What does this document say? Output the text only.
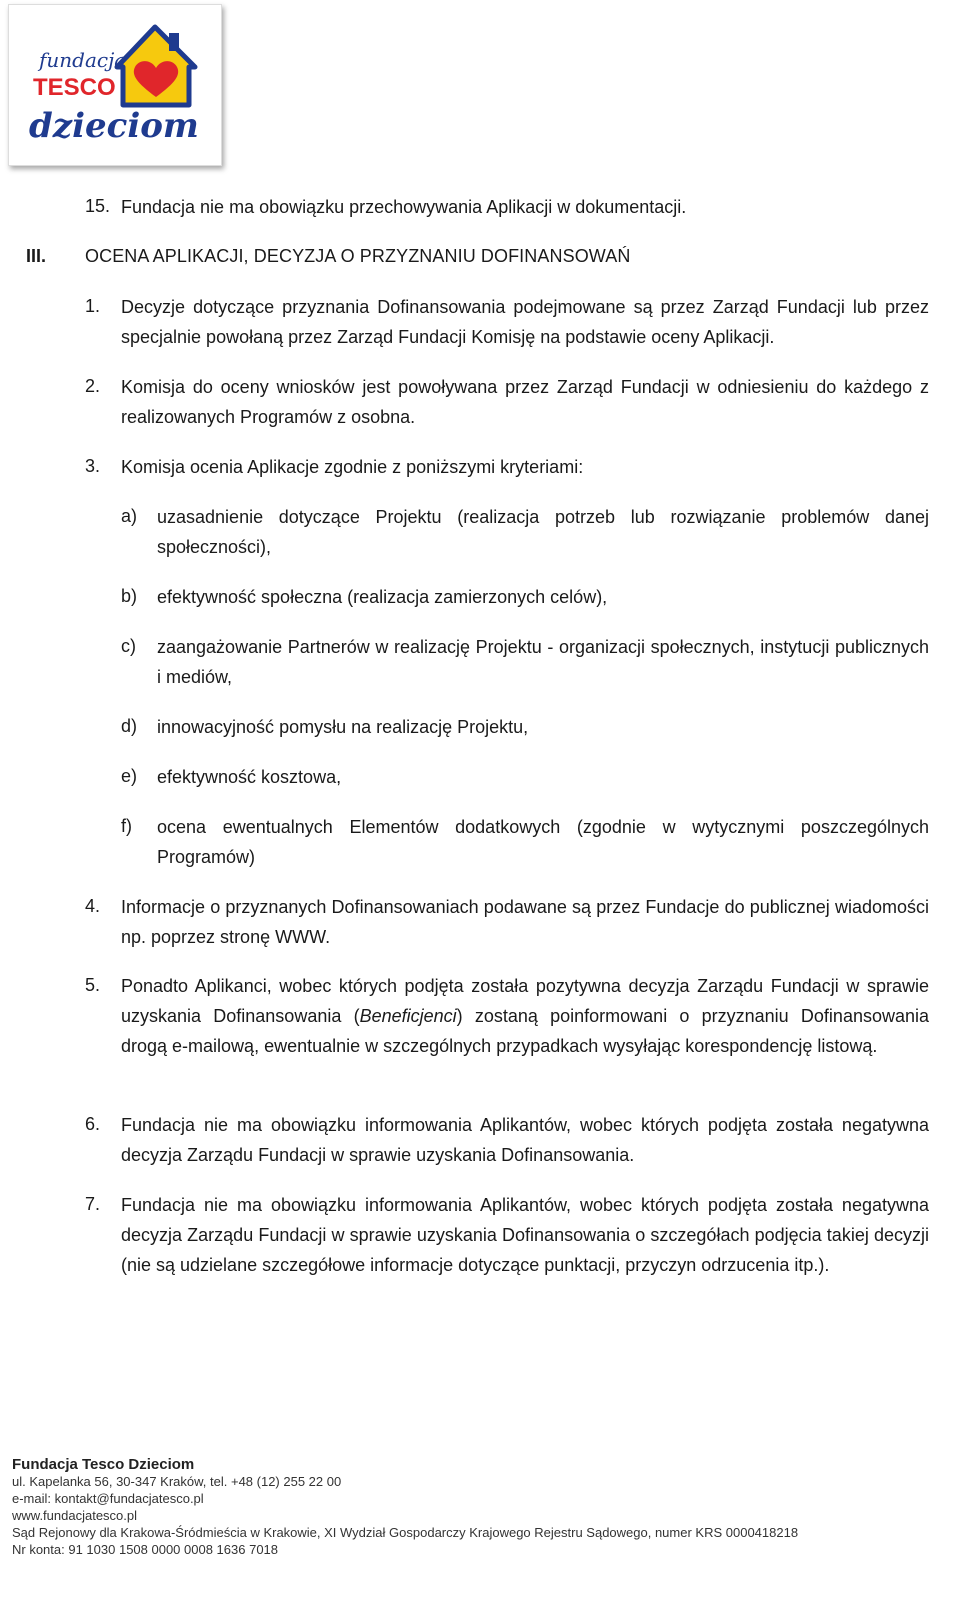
fundacja
TESCO
dzieciom
15. Fundacja nie ma obowiązku przechowywania Aplikacji w dokumentacji.
III. OCENA APLIKACJI, DECYZJA O PRZYZNANIU DOFINANSOWAŃ
1. Decyzje dotyczące przyznania Dofinansowania podejmowane są przez Zarząd Fundacji lub przez specjalnie powołaną przez Zarząd Fundacji Komisję na podstawie oceny Aplikacji.
2. Komisja do oceny wniosków jest powoływana przez Zarząd Fundacji w odniesieniu do każdego z realizowanych Programów z osobna.
3. Komisja ocenia Aplikacje zgodnie z poniższymi kryteriami:
a) uzasadnienie dotyczące Projektu (realizacja potrzeb lub rozwiązanie problemów danej społeczności),
b) efektywność społeczna (realizacja zamierzonych celów),
c) zaangażowanie Partnerów w realizację Projektu - organizacji społecznych, instytucji publicznych i mediów,
d) innowacyjność pomysłu na realizację Projektu,
e) efektywność kosztowa,
f) ocena ewentualnych Elementów dodatkowych (zgodnie w wytycznymi poszczególnych Programów)
4. Informacje o przyznanych Dofinansowaniach podawane są przez Fundacje do publicznej wiadomości np. poprzez stronę WWW.
5. Ponadto Aplikanci, wobec których podjęta została pozytywna decyzja Zarządu Fundacji w sprawie uzyskania Dofinansowania (Beneficjenci) zostaną poinformowani o przyznaniu Dofinansowania drogą e-mailową, ewentualnie w szczególnych przypadkach wysyłając korespondencję listową.
6. Fundacja nie ma obowiązku informowania Aplikantów, wobec których podjęta została negatywna decyzja Zarządu Fundacji w sprawie uzyskania Dofinansowania.
7. Fundacja nie ma obowiązku informowania Aplikantów, wobec których podjęta została negatywna decyzja Zarządu Fundacji w sprawie uzyskania Dofinansowania o szczegółach podjęcia takiej decyzji (nie są udzielane szczegółowe informacje dotyczące punktacji, przyczyn odrzucenia itp.).
Fundacja Tesco Dzieciom
ul. Kapelanka 56, 30-347 Kraków, tel. +48 (12) 255 22 00
e-mail: kontakt@fundacjatesco.pl
www.fundacjatesco.pl
Sąd Rejonowy dla Krakowa-Śródmieścia w Krakowie, XI Wydział Gospodarczy Krajowego Rejestru Sądowego, numer KRS 0000418218
Nr konta: 91 1030 1508 0000 0008 1636 7018
